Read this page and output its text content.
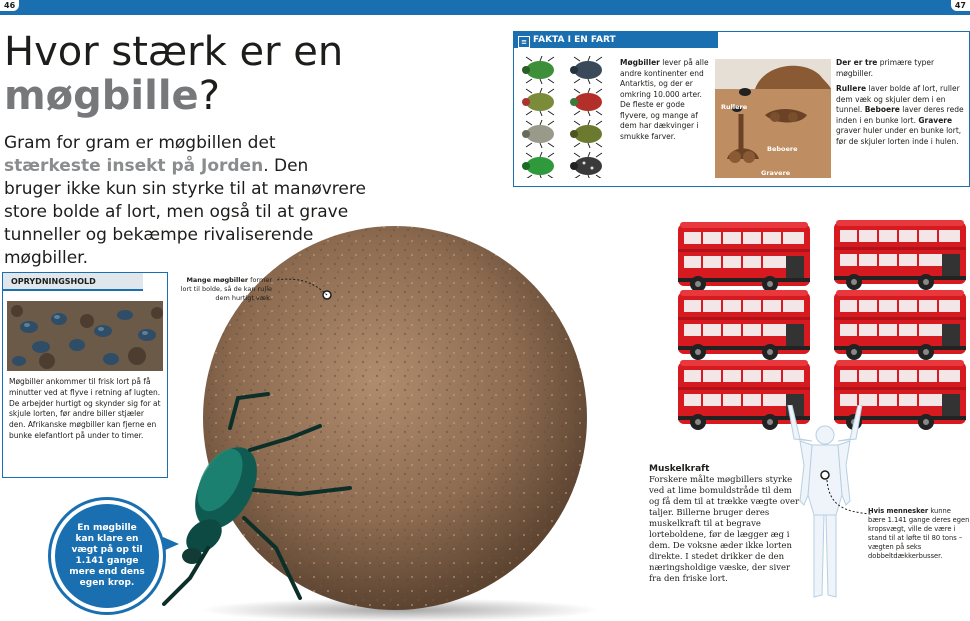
46	47
Hvor stærk er en
møgbille?

Gram for gram er møgbillen det stærkeste insekt på Jorden. Den bruger ikke kun sin styrke til at manøvrere store bolde af lort, men også til at grave tunneller og bekæmpe rivaliserende møgbiller.

≡ FAKTA I EN FART

Møgbiller lever på alle andre kontinenter end Antarktis, og der er omkring 10.000 arter. De fleste er gode flyvere, og mange af dem har dækvinger i smukke farver.

Rullere
Beboere
Gravere

Der er tre primære typer møgbiller.

Rullere laver bolde af lort, ruller dem væk og skjuler dem i en tunnel. Beboere laver deres rede inden i en bunke lort. Gravere graver huler under en bunke lort, før de skjuler lorten inde i hulen.

Mange møgbiller former lort til bolde, så de kan rulle dem hurtigt væk.

OPRYDNINGSHOLD

Møgbiller ankommer til frisk lort på få minutter ved at flyve i retning af lugten. De arbejder hurtigt og skynder sig for at skjule lorten, før andre biller stjæler den. Afrikanske møgbiller kan fjerne en bunke elefantlort på under to timer.

En møgbille
kan klare en
vægt på op til
1.141 gange
mere end dens
egen krop.

Muskelkraft
Forskere målte møgbillers styrke ved at lime bomuldstråde til dem og få dem til at trække vægte over taljer. Billerne bruger deres muskelkraft til at begrave lorteboldene, før de lægger æg i dem. De voksne æder ikke lorten direkte. I stedet drikker de den næringsholdige væske, der siver fra den friske lort.

Hvis mennesker kunne bære 1.141 gange deres egen kropsvægt, ville de være i stand til at løfte til 80 tons – vægten på seks dobbeltdækkerbusser.
